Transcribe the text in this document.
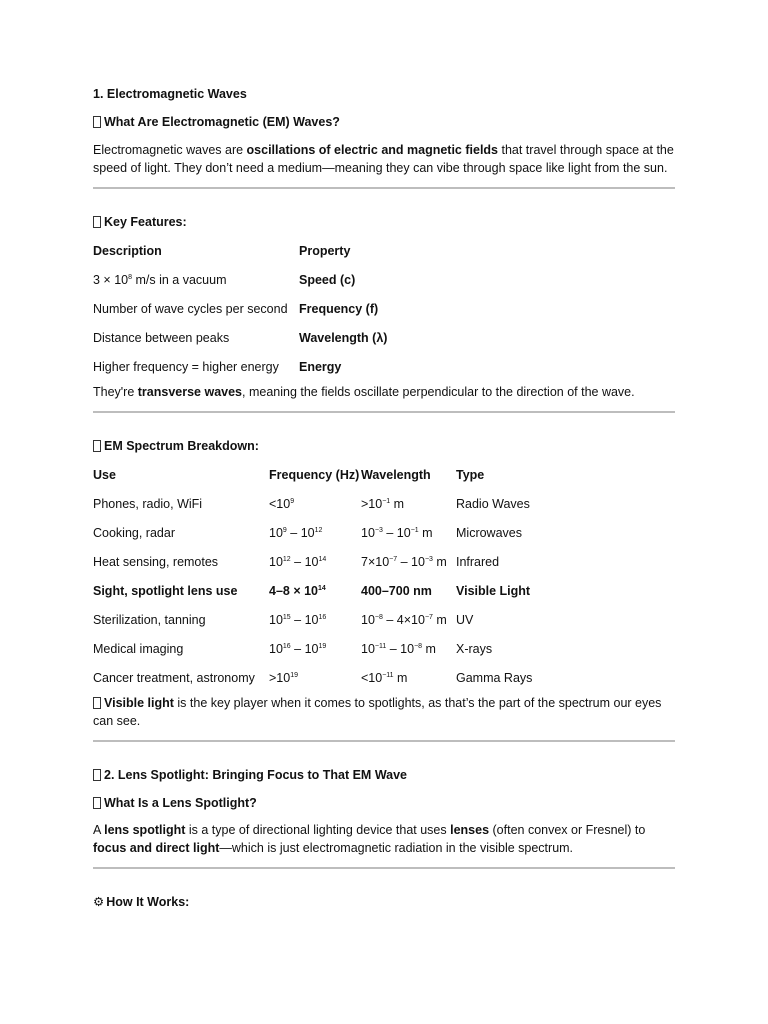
1. Electromagnetic Waves

What Are Electromagnetic (EM) Waves?

Electromagnetic waves are oscillations of electric and magnetic fields that travel through space at the speed of light. They don’t need a medium—meaning they can vibe through space like light from the sun.

Key Features:

Description	Property
$3 \times 10^8$ m/s in a vacuum	Speed (c)
Number of wave cycles per second	Frequency (f)
Distance between peaks	Wavelength (λ)
Higher frequency = higher energy	Energy

They're transverse waves, meaning the fields oscillate perpendicular to the direction of the wave.

EM Spectrum Breakdown:

Use	Frequency (Hz)	Wavelength	Type
Phones, radio, WiFi	$<10^9$	$>10^{-1}$ m	Radio Waves
Cooking, radar	$10^9 - 10^{12}$	$10^{-3} - 10^{-1}$ m	Microwaves
Heat sensing, remotes	$10^{12} - 10^{14}$	$7\times 10^{-7} - 10^{-3}$ m	Infrared
Sight, spotlight lens use	$4-8 \times 10^{14}$	400–700 nm	Visible Light
Sterilization, tanning	$10^{15} - 10^{16}$	$10^{-8} - 4\times 10^{-7}$ m	UV
Medical imaging	$10^{16} - 10^{19}$	$10^{-11} - 10^{-8}$ m	X-rays
Cancer treatment, astronomy	$>10^{19}$	$<10^{-11}$ m	Gamma Rays

Visible light is the key player when it comes to spotlights, as that’s the part of the spectrum our eyes can see.

2. Lens Spotlight: Bringing Focus to That EM Wave

What Is a Lens Spotlight?

A lens spotlight is a type of directional lighting device that uses lenses (often convex or Fresnel) to focus and direct light—which is just electromagnetic radiation in the visible spectrum.

⚙ How It Works:
